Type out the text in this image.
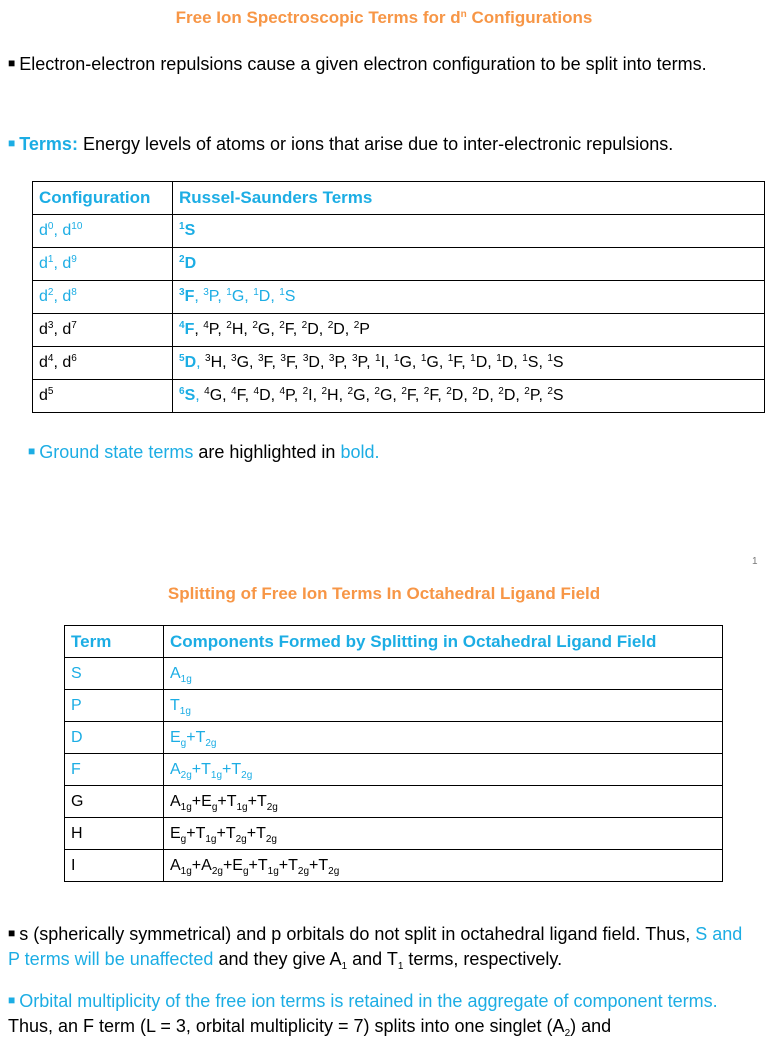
Free Ion Spectroscopic Terms for $d^n$ Configurations
■ Electron-electron repulsions cause a given electron configuration to be split into terms.
■ Terms: Energy levels of atoms or ions that arise due to inter-electronic repulsions.
Configuration	Russel-Saunders Terms
$d^0$, $d^{10}$	$^1$S
$d^1$, $d^9$	$^2$D
$d^2$, $d^8$	$^3$F, $^3$P, $^1$G, $^1$D, $^1$S
$d^3$, $d^7$	$^4$F, $^4$P, $^2$H, $^2$G, $^2$F, $^2$D, $^2$D, $^2$P
$d^4$, $d^6$	$^5$D, $^3$H, $^3$G, $^3$F, $^3$F, $^3$D, $^3$P, $^3$P, $^1$I, $^1$G, $^1$G, $^1$F, $^1$D, $^1$D, $^1$S, $^1$S
$d^5$	$^6$S, $^4$G, $^4$F, $^4$D, $^4$P, $^2$I, $^2$H, $^2$G, $^2$G, $^2$F, $^2$F, $^2$D, $^2$D, $^2$D, $^2$P, $^2$S
■ Ground state terms are highlighted in bold.
1
Splitting of Free Ion Terms In Octahedral Ligand Field
Term	Components Formed by Splitting in Octahedral Ligand Field
S	$A_{1g}$
P	$T_{1g}$
D	$E_g+T_{2g}$
F	$A_{2g}+T_{1g}+T_{2g}$
G	$A_{1g}+E_g+T_{1g}+T_{2g}$
H	$E_g+T_{1g}+T_{2g}+T_{2g}$
I	$A_{1g}+A_{2g}+E_g+T_{1g}+T_{2g}+T_{2g}$
■ s (spherically symmetrical) and p orbitals do not split in octahedral ligand field. Thus, S and P terms will be unaffected and they give $A_1$ and $T_1$ terms, respectively.
■ Orbital multiplicity of the free ion terms is retained in the aggregate of component terms. Thus, an F term (L = 3, orbital multiplicity = 7) splits into one singlet $(A_2)$ and
